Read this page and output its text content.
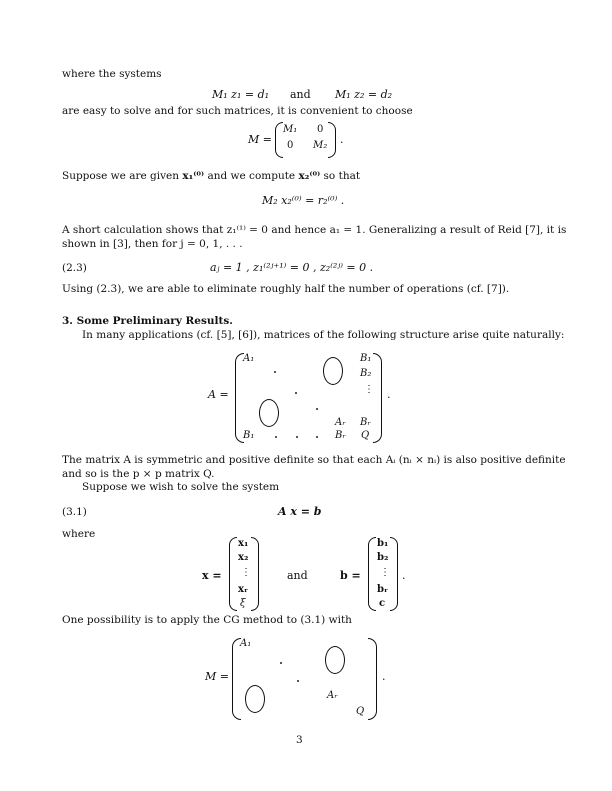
where the systems
M₁ z₁ = d₁ and M₁ z₂ = d₂
are easy to solve and for such matrices, it is convenient to choose
M =
M₁ 0
0 M₂ .
Suppose we are given x₁⁽⁰⁾ and we compute x₂⁽⁰⁾ so that
M₂ x₂⁽⁰⁾ = r₂⁽⁰⁾ .
A short calculation shows that z₁⁽¹⁾ = 0 and hence a₁ = 1. Generalizing a result of Reid [7], it is
shown in [3], then for j = 0, 1, . . .
(2.3)	aⱼ = 1 , z₁⁽²ʲ⁺¹⁾ = 0 , z₂⁽²ʲ⁾ = 0 .
Using (2.3), we are able to eliminate roughly half the number of operations (cf. [7]).
3. Some Preliminary Results.
In many applications (cf. [5], [6]), matrices of the following structure arise quite naturally:
A =
A₁	B₁
B₂
⋮
Aᵣ Bᵣ
B₁	Bᵣ Q
.
The matrix A is symmetric and positive definite so that each Aᵢ (nᵢ × nᵢ) is also positive definite
and so is the p × p matrix Q.
Suppose we wish to solve the system
(3.1)	A x = b
where
x =
x₁
x₂
⋮
xᵣ
ξ
and	b =
b₁
b₂
⋮
bᵣ
c
.
One possibility is to apply the CG method to (3.1) with
M =
A₁
Aᵣ
Q
.
3
